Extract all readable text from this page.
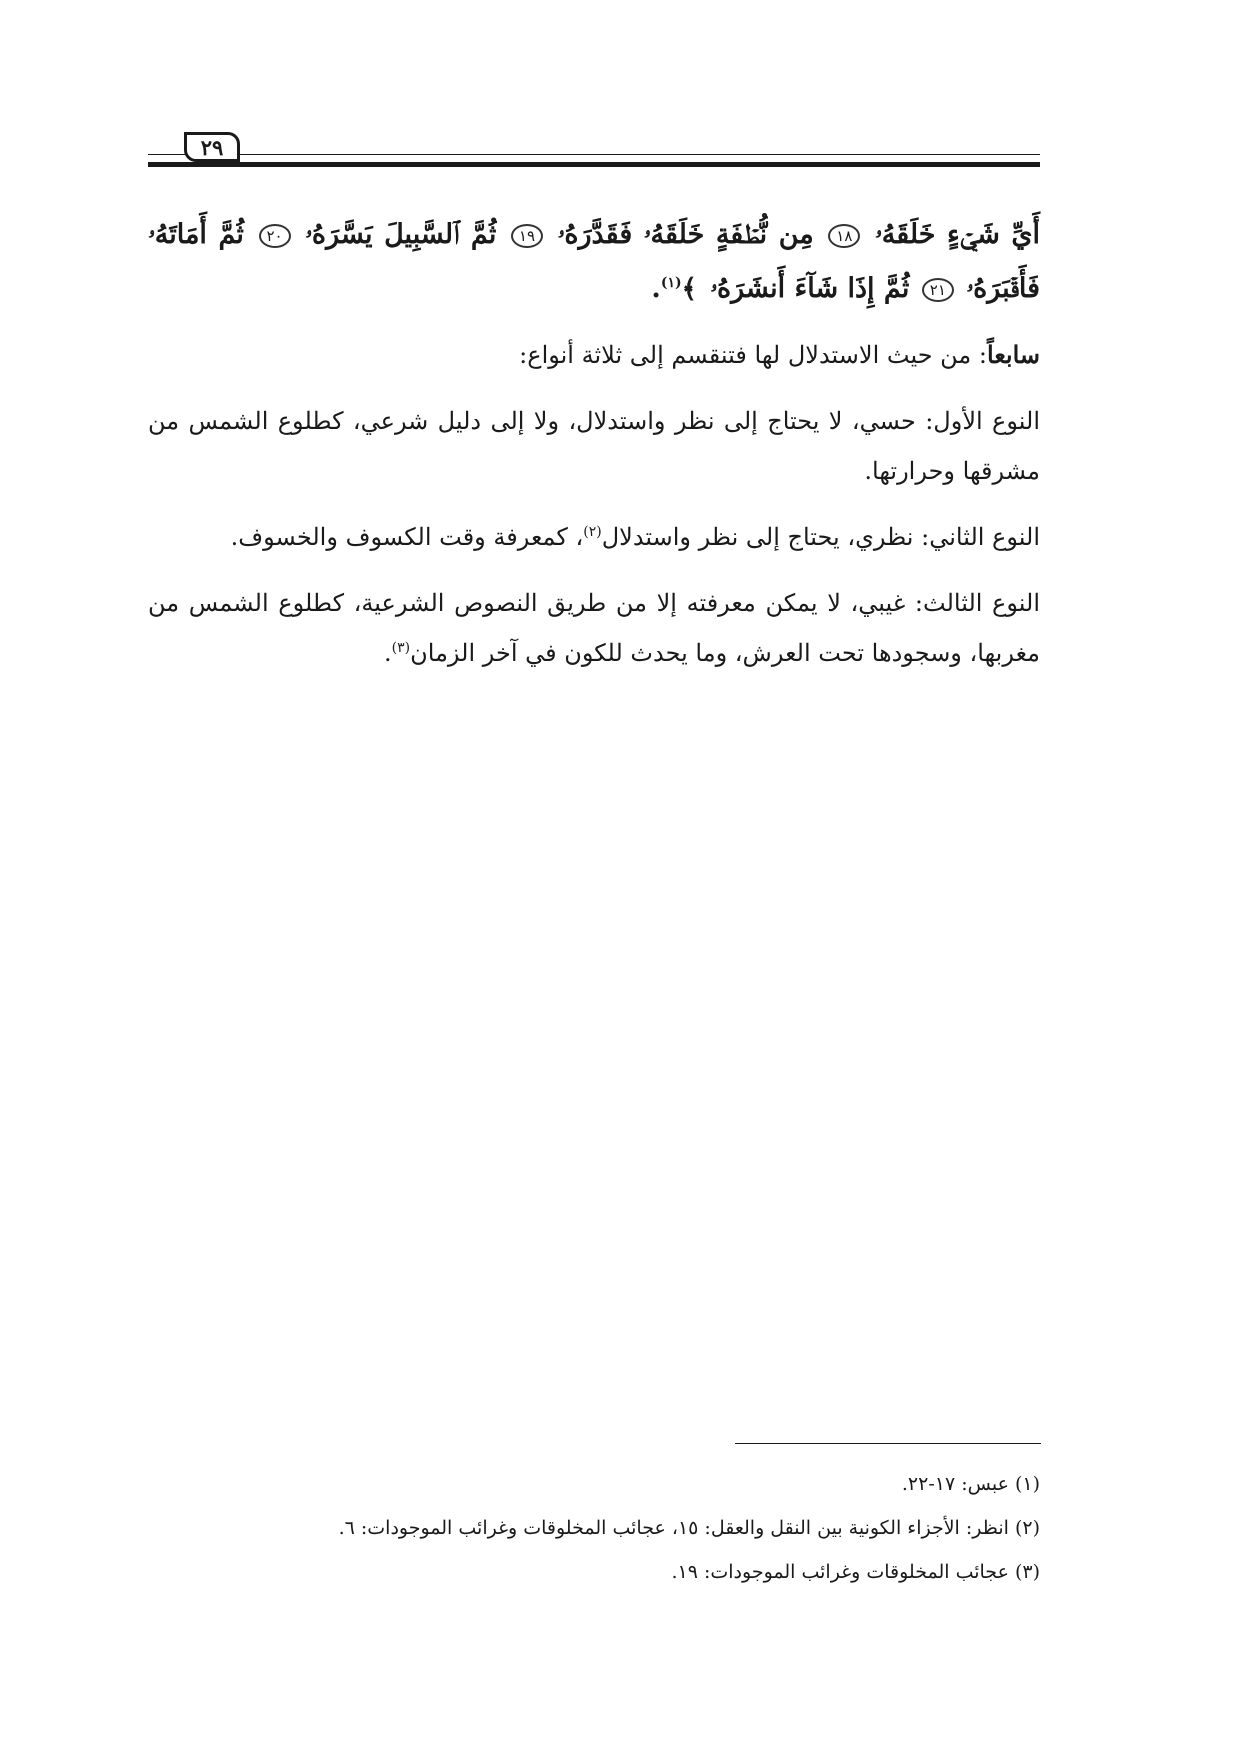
٢٩

أَيِّ شَيۡءٍ خَلَقَهُۥ ١٨ مِن نُّطۡفَةٍ خَلَقَهُۥ فَقَدَّرَهُۥ ١٩ ثُمَّ ٱلسَّبِيلَ يَسَّرَهُۥ ٢٠ ثُمَّ أَمَاتَهُۥ فَأَقۡبَرَهُۥ ٢١ ثُمَّ إِذَا شَآءَ أَنشَرَهُۥ ﴾$^{(١)}$.

سابعاً: من حيث الاستدلال لها فتنقسم إلى ثلاثة أنواع:

النوع الأول: حسي، لا يحتاج إلى نظر واستدلال، ولا إلى دليل شرعي، كطلوع الشمس من مشرقها وحرارتها.

النوع الثاني: نظري، يحتاج إلى نظر واستدلال$^{(٢)}$، كمعرفة وقت الكسوف والخسوف.

النوع الثالث: غيبي، لا يمكن معرفته إلا من طريق النصوص الشرعية، كطلوع الشمس من مغربها، وسجودها تحت العرش، وما يحدث للكون في آخر الزمان$^{(٣)}$.

(١) عبس: ١٧-٢٢.

(٢) انظر: الأجزاء الكونية بين النقل والعقل: ١٥، عجائب المخلوقات وغرائب الموجودات: ٦.

(٣) عجائب المخلوقات وغرائب الموجودات: ١٩.
